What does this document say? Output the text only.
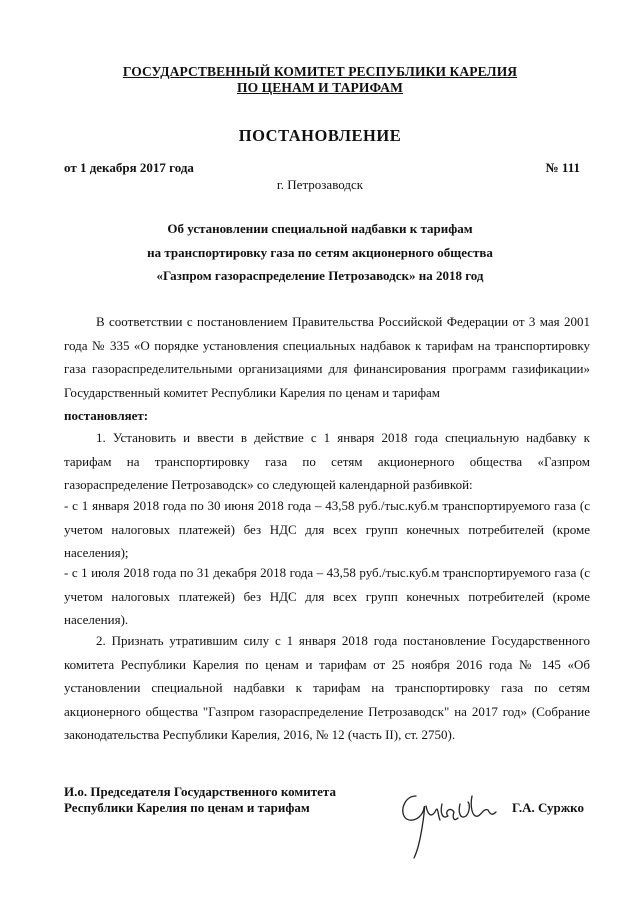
ГОСУДАРСТВЕННЫЙ КОМИТЕТ РЕСПУБЛИКИ КАРЕЛИЯ
ПО ЦЕНАМ И ТАРИФАМ
ПОСТАНОВЛЕНИЕ
от 1 декабря 2017 года	№ 111
г. Петрозаводск
Об установлении специальной надбавки к тарифам
на транспортировку газа по сетям акционерного общества
«Газпром газораспределение Петрозаводск» на 2018 год
В соответствии с постановлением Правительства Российской Федерации от 3 мая 2001 года № 335 «О порядке установления специальных надбавок к тарифам на транспортировку газа газораспределительными организациями для финансирования программ газификации» Государственный комитет Республики Карелия по ценам и тарифам
постановляет:
1. Установить и ввести в действие с 1 января 2018 года специальную надбавку к тарифам на транспортировку газа по сетям акционерного общества «Газпром газораспределение Петрозаводск» со следующей календарной разбивкой:
- с 1 января 2018 года по 30 июня 2018 года – 43,58 руб./тыс.куб.м транспортируемого газа (с учетом налоговых платежей) без НДС для всех групп конечных потребителей (кроме населения);
- с 1 июля 2018 года по 31 декабря 2018 года – 43,58 руб./тыс.куб.м транспортируемого газа (с учетом налоговых платежей) без НДС для всех групп конечных потребителей (кроме населения).
2. Признать утратившим силу с 1 января 2018 года постановление Государственного комитета Республики Карелия по ценам и тарифам от 25 ноября 2016 года № 145 «Об установлении специальной надбавки к тарифам на транспортировку газа по сетям акционерного общества "Газпром газораспределение Петрозаводск" на 2017 год» (Собрание законодательства Республики Карелия, 2016, № 12 (часть II), ст. 2750).
И.о. Председателя Государственного комитета
Республики Карелия по ценам и тарифам	Г.А. Суржко
